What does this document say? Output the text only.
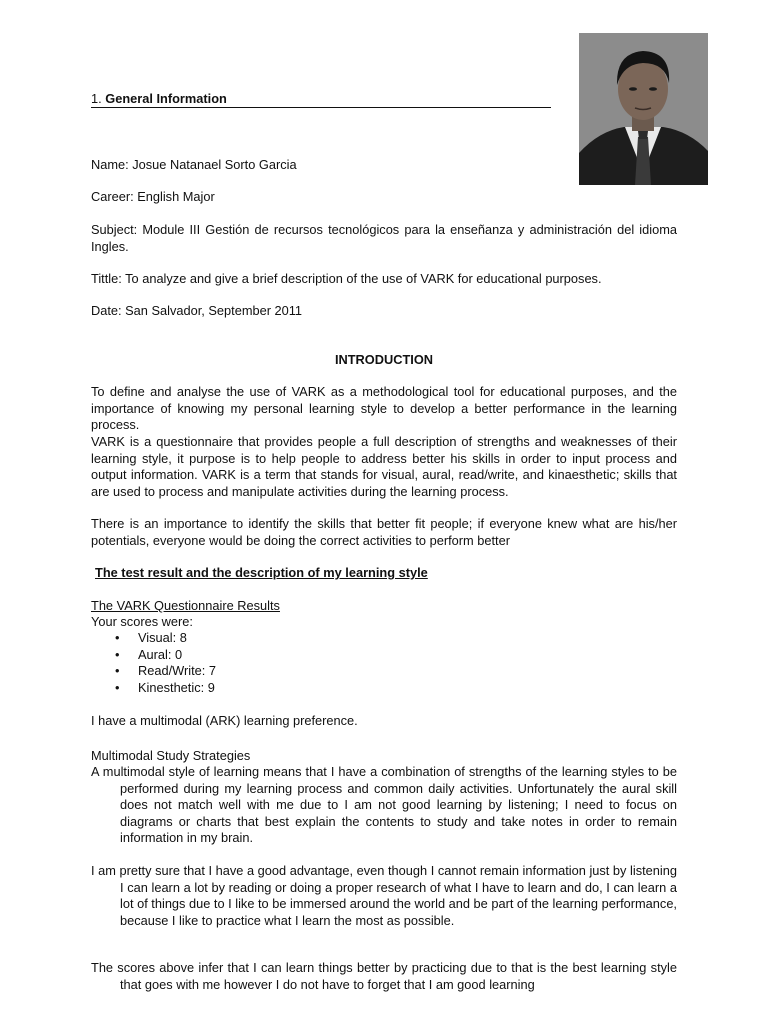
1. General Information
Name: Josue Natanael Sorto Garcia
Career: English Major
Subject: Module III Gestión de recursos tecnológicos para la enseñanza y administración del idioma Ingles.
Tittle: To analyze and give a brief description of the use of VARK for educational purposes.
Date: San Salvador, September 2011
INTRODUCTION
To define and analyse the use of VARK as a methodological tool for educational purposes, and the importance of knowing my personal learning style to develop a better performance in the learning process.
VARK is a questionnaire that provides people a full description of strengths and weaknesses of their learning style, it purpose is to help people to address better his skills in order to input process and output information. VARK is a term that stands for visual, aural, read/write, and kinaesthetic; skills that are used to process and manipulate activities during the learning process.
There is an importance to identify the skills that better fit people; if everyone knew what are his/her potentials, everyone would be doing the correct activities to perform better
The test result and the description of my learning style
The VARK Questionnaire Results
Your scores were:
• Visual: 8
• Aural: 0
• Read/Write: 7
• Kinesthetic: 9
I have a multimodal (ARK) learning preference.
Multimodal Study Strategies
A multimodal style of learning means that I have a combination of strengths of the learning styles to be performed during my learning process and common daily activities. Unfortunately the aural skill does not match well with me due to I am not good learning by listening; I need to focus on diagrams or charts that best explain the contents to study and take notes in order to remain information in my brain.
I am pretty sure that I have a good advantage, even though I cannot remain information just by listening I can learn a lot by reading or doing a proper research of what I have to learn and do, I can learn a lot of things due to I like to be immersed around the world and be part of the learning performance, because I like to practice what I learn the most as possible.
The scores above infer that I can learn things better by practicing due to that is the best learning style that goes with me however I do not have to forget that I am good learning
